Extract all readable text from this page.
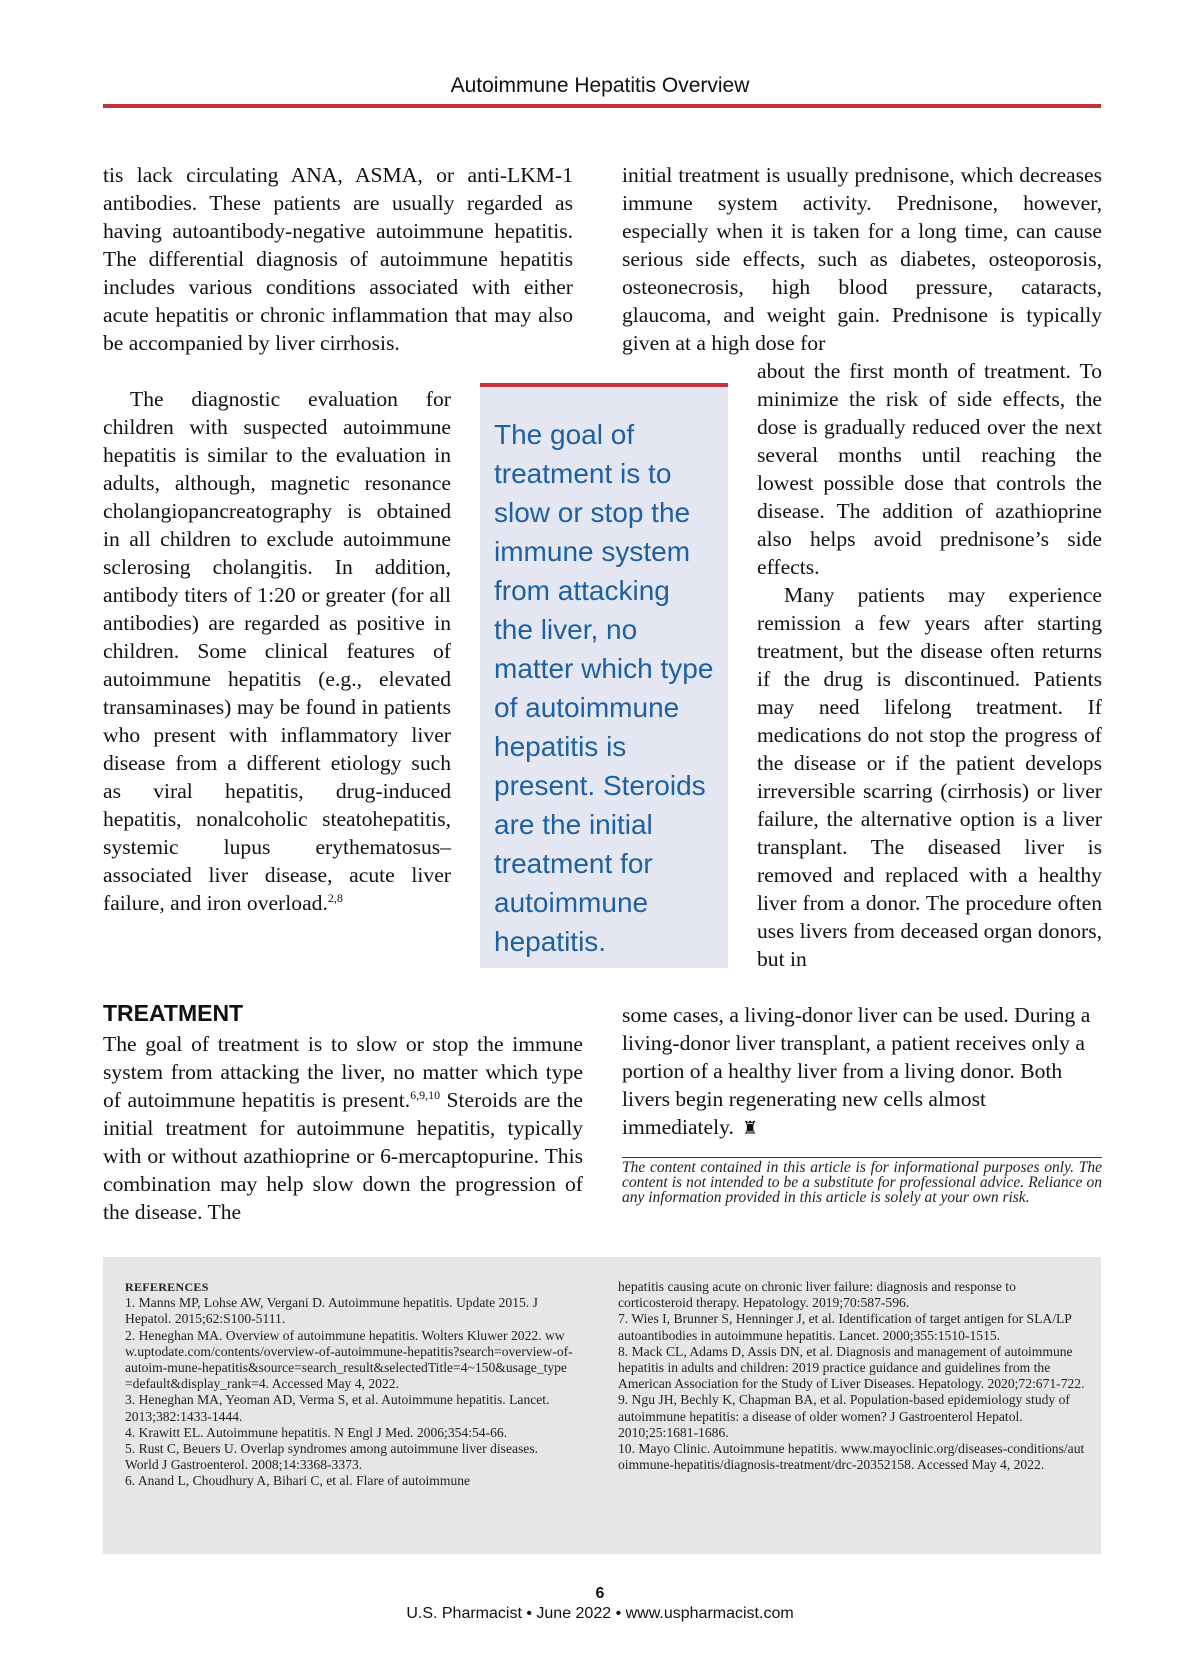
Autoimmune Hepatitis Overview

tis lack circulating ANA, ASMA, or anti-LKM-1 antibodies. These patients are usually regarded as having autoantibody-negative autoimmune hepatitis. The differential diagnosis of autoimmune hepatitis includes various conditions associated with either acute hepatitis or chronic inflammation that may also be accompanied by liver cirrhosis.

The diagnostic evaluation for children with suspected autoimmune hepatitis is similar to the evaluation in adults, although, magnetic resonance cholangiopancreatography is obtained in all children to exclude autoimmune sclerosing cholangitis. In addition, antibody titers of 1:20 or greater (for all antibodies) are regarded as positive in children. Some clinical features of autoimmune hepatitis (e.g., elevated transaminases) may be found in patients who present with inflammatory liver disease from a different etiology such as viral hepatitis, drug-induced hepatitis, nonalcoholic steatohepatitis, systemic lupus erythematosus–associated liver disease, acute liver failure, and iron overload.$^{2,8}$

TREATMENT

The goal of treatment is to slow or stop the immune system from attacking the liver, no matter which type of autoimmune hepatitis is present.$^{6,9,10}$ Steroids are the initial treatment for autoimmune hepatitis, typically with or without azathioprine or 6-mercaptopurine. This combination may help slow down the progression of the disease. The

The goal of treatment is to slow or stop the immune system from attacking the liver, no matter which type of autoimmune hepatitis is present. Steroids are the initial treatment for autoimmune hepatitis.

initial treatment is usually prednisone, which decreases immune system activity. Prednisone, however, especially when it is taken for a long time, can cause serious side effects, such as diabetes, osteoporosis, osteonecrosis, high blood pressure, cataracts, glaucoma, and weight gain. Prednisone is typically given at a high dose for

about the first month of treatment. To minimize the risk of side effects, the dose is gradually reduced over the next several months until reaching the lowest possible dose that controls the disease. The addition of azathioprine also helps avoid prednisone’s side effects.

Many patients may experience remission a few years after starting treatment, but the disease often returns if the drug is discontinued. Patients may need lifelong treatment. If medications do not stop the progress of the disease or if the patient develops irreversible scarring (cirrhosis) or liver failure, the alternative option is a liver transplant. The diseased liver is removed and replaced with a healthy liver from a donor. The procedure often uses livers from deceased organ donors, but in

some cases, a living-donor liver can be used. During a living-donor liver transplant, a patient receives only a portion of a healthy liver from a living donor. Both livers begin regenerating new cells almost immediately. ♜

The content contained in this article is for informational purposes only. The content is not intended to be a substitute for professional advice. Reliance on any information provided in this article is solely at your own risk.
REFERENCES

1. Manns MP, Lohse AW, Vergani D. Autoimmune hepatitis. Update 2015. J Hepatol. 2015;62:S100-5111.

2. Heneghan MA. Overview of autoimmune hepatitis. Wolters Kluwer 2022. www.uptodate.com/contents/overview-of-autoimmune-hepatitis?search=overview-of-autoim-mune-hepatitis&source=search_result&selectedTitle=4~150&usage_type=default&display_rank=4. Accessed May 4, 2022.

3. Heneghan MA, Yeoman AD, Verma S, et al. Autoimmune hepatitis. Lancet. 2013;382:1433-1444.

4. Krawitt EL. Autoimmune hepatitis. N Engl J Med. 2006;354:54-66.

5. Rust C, Beuers U. Overlap syndromes among autoimmune liver diseases. World J Gastroenterol. 2008;14:3368-3373.

6. Anand L, Choudhury A, Bihari C, et al. Flare of autoimmune

hepatitis causing acute on chronic liver failure: diagnosis and response to corticosteroid therapy. Hepatology. 2019;70:587-596.

7. Wies I, Brunner S, Henninger J, et al. Identification of target antigen for SLA/LP autoantibodies in autoimmune hepatitis. Lancet. 2000;355:1510-1515.

8. Mack CL, Adams D, Assis DN, et al. Diagnosis and management of autoimmune hepatitis in adults and children: 2019 practice guidance and guidelines from the American Association for the Study of Liver Diseases. Hepatology. 2020;72:671-722.

9. Ngu JH, Bechly K, Chapman BA, et al. Population-based epidemiology study of autoimmune hepatitis: a disease of older women? J Gastroenterol Hepatol. 2010;25:1681-1686.

10. Mayo Clinic. Autoimmune hepatitis. www.mayoclinic.org/diseases-conditions/autoimmune-hepatitis/diagnosis-treatment/drc-20352158. Accessed May 4, 2022.

6
U.S. Pharmacist • June 2022 • www.uspharmacist.com
